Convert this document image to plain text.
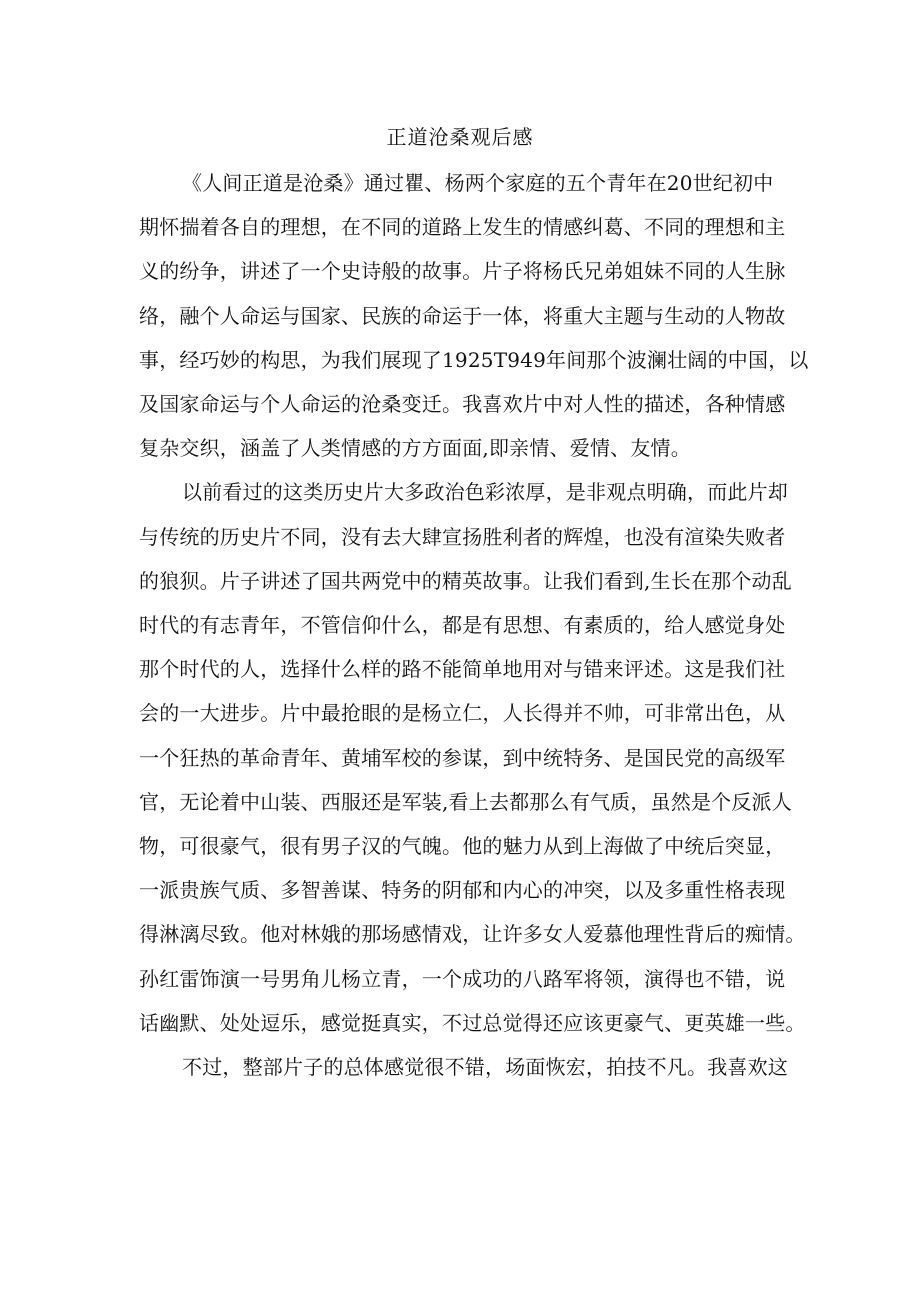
正道沧桑观后感
《人间正道是沧桑》通过瞿、杨两个家庭的五个青年在20世纪初中
期怀揣着各自的理想，在不同的道路上发生的情感纠葛、不同的理想和主
义的纷争，讲述了一个史诗般的故事。片子将杨氏兄弟姐妹不同的人生脉
络，融个人命运与国家、民族的命运于一体，将重大主题与生动的人物故
事，经巧妙的构思，为我们展现了1925T949年间那个波澜壮阔的中国，以
及国家命运与个人命运的沧桑变迁。我喜欢片中对人性的描述，各种情感
复杂交织，涵盖了人类情感的方方面面,即亲情、爱情、友情。
以前看过的这类历史片大多政治色彩浓厚，是非观点明确，而此片却
与传统的历史片不同，没有去大肆宣扬胜利者的辉煌，也没有渲染失败者
的狼狈。片子讲述了国共两党中的精英故事。让我们看到,生长在那个动乱
时代的有志青年，不管信仰什么，都是有思想、有素质的，给人感觉身处
那个时代的人，选择什么样的路不能简单地用对与错来评述。这是我们社
会的一大进步。片中最抢眼的是杨立仁，人长得并不帅，可非常出色，从
一个狂热的革命青年、黄埔军校的参谋，到中统特务、是国民党的高级军
官，无论着中山装、西服还是军装,看上去都那么有气质，虽然是个反派人
物，可很豪气，很有男子汉的气魄。他的魅力从到上海做了中统后突显，
一派贵族气质、多智善谋、特务的阴郁和内心的冲突，以及多重性格表现
得淋漓尽致。他对林娥的那场感情戏，让许多女人爱慕他理性背后的痴情。
孙红雷饰演一号男角儿杨立青，一个成功的八路军将领，演得也不错，说
话幽默、处处逗乐，感觉挺真实，不过总觉得还应该更豪气、更英雄一些。
不过，整部片子的总体感觉很不错，场面恢宏，拍技不凡。我喜欢这
